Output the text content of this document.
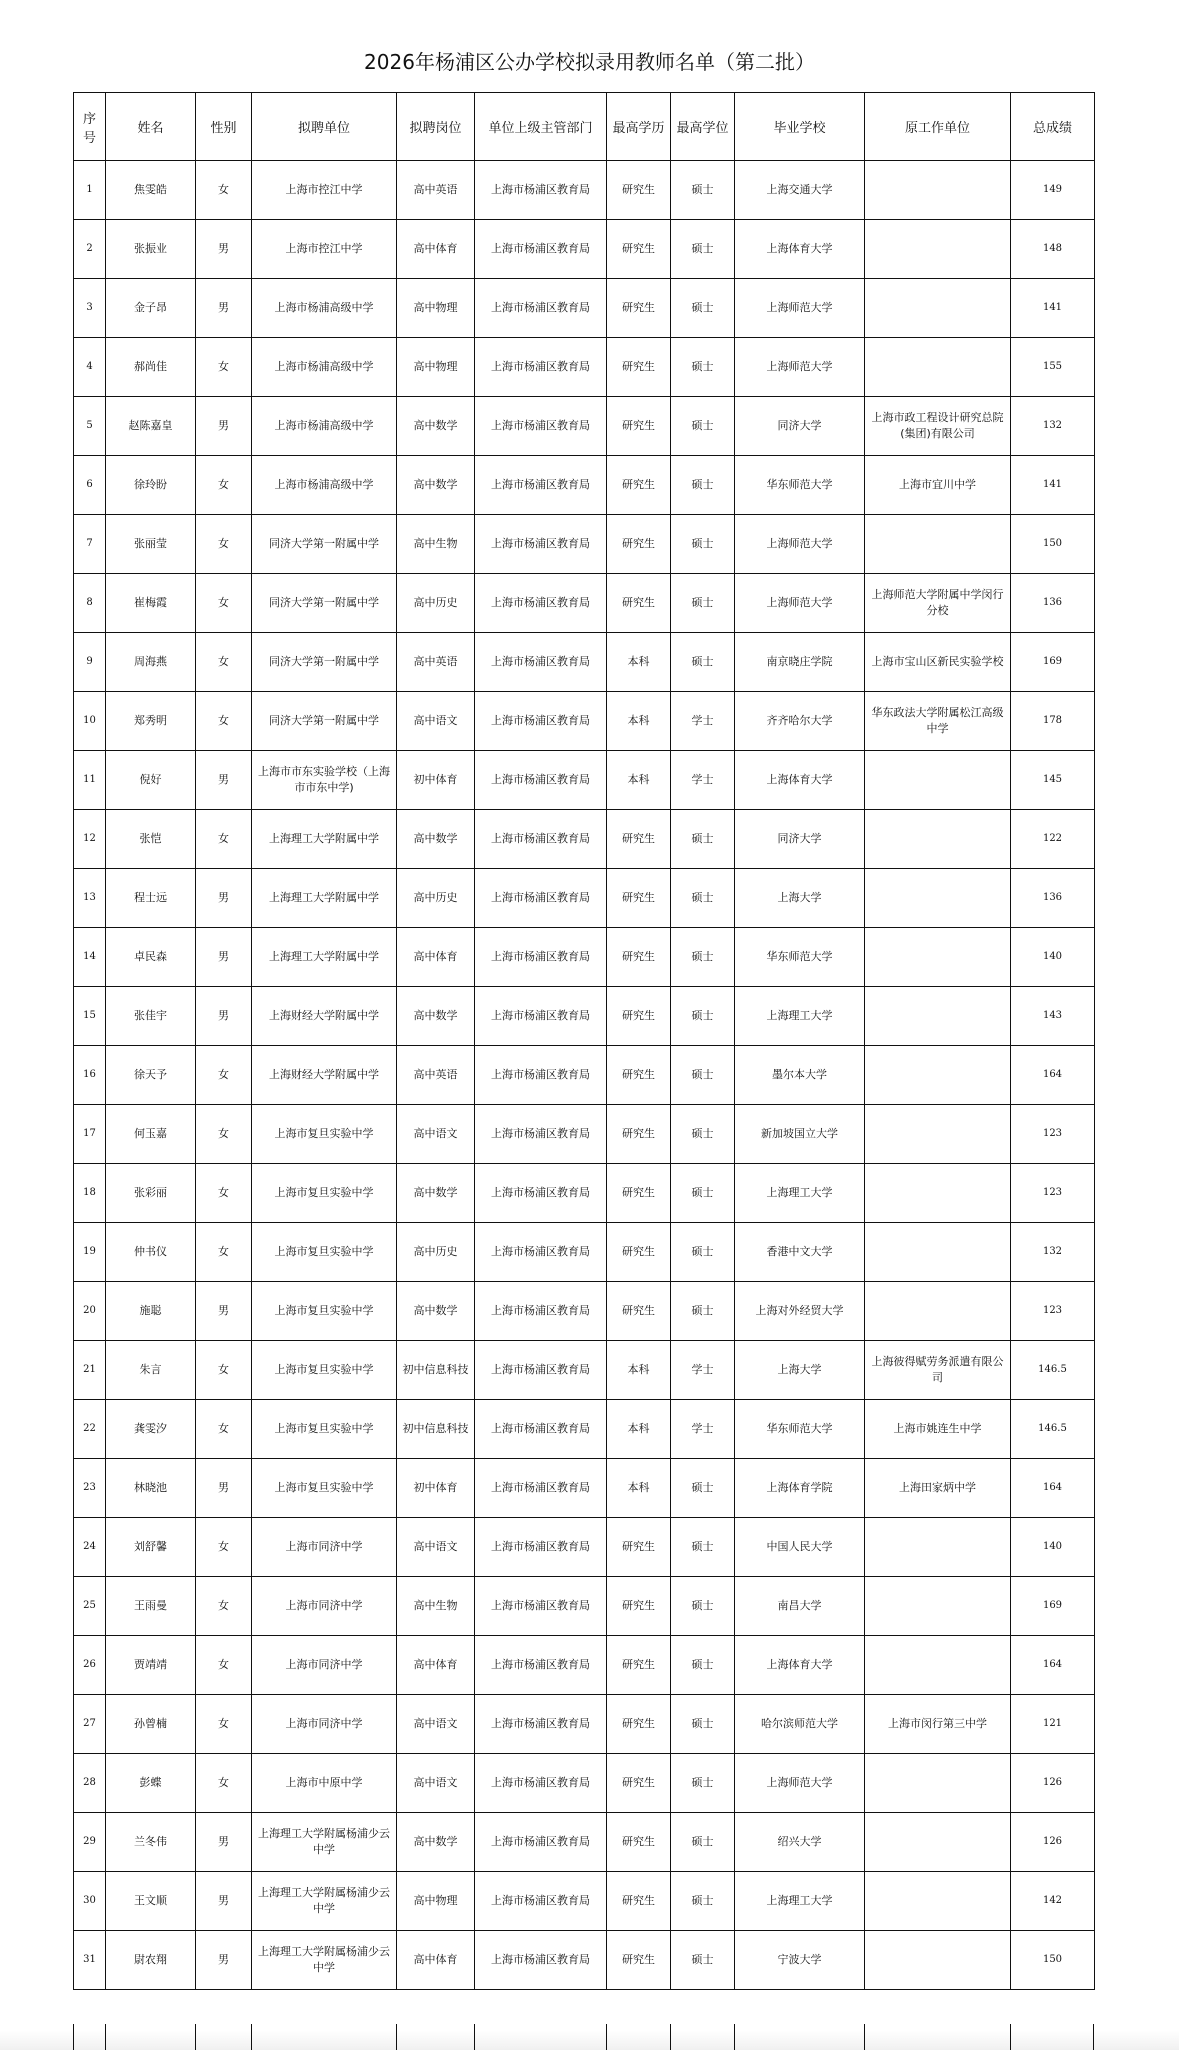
2026年杨浦区公办学校拟录用教师名单（第二批）
序号	姓名	性别	拟聘单位	拟聘岗位	单位上级主管部门	最高学历	最高学位	毕业学校	原工作单位	总成绩
1	焦雯皓	女	上海市控江中学	高中英语	上海市杨浦区教育局	研究生	硕士	上海交通大学		149
2	张振业	男	上海市控江中学	高中体育	上海市杨浦区教育局	研究生	硕士	上海体育大学		148
3	金子昂	男	上海市杨浦高级中学	高中物理	上海市杨浦区教育局	研究生	硕士	上海师范大学		141
4	郝尚佳	女	上海市杨浦高级中学	高中物理	上海市杨浦区教育局	研究生	硕士	上海师范大学		155
5	赵陈嘉皇	男	上海市杨浦高级中学	高中数学	上海市杨浦区教育局	研究生	硕士	同济大学	上海市政工程设计研究总院(集团)有限公司	132
6	徐玲盼	女	上海市杨浦高级中学	高中数学	上海市杨浦区教育局	研究生	硕士	华东师范大学	上海市宜川中学	141
7	张丽莹	女	同济大学第一附属中学	高中生物	上海市杨浦区教育局	研究生	硕士	上海师范大学		150
8	崔梅霞	女	同济大学第一附属中学	高中历史	上海市杨浦区教育局	研究生	硕士	上海师范大学	上海师范大学附属中学闵行分校	136
9	周海燕	女	同济大学第一附属中学	高中英语	上海市杨浦区教育局	本科	硕士	南京晓庄学院	上海市宝山区新民实验学校	169
10	郑秀明	女	同济大学第一附属中学	高中语文	上海市杨浦区教育局	本科	学士	齐齐哈尔大学	华东政法大学附属松江高级中学	178
11	倪好	男	上海市市东实验学校（上海市市东中学)	初中体育	上海市杨浦区教育局	本科	学士	上海体育大学		145
12	张恺	女	上海理工大学附属中学	高中数学	上海市杨浦区教育局	研究生	硕士	同济大学		122
13	程士远	男	上海理工大学附属中学	高中历史	上海市杨浦区教育局	研究生	硕士	上海大学		136
14	卓民森	男	上海理工大学附属中学	高中体育	上海市杨浦区教育局	研究生	硕士	华东师范大学		140
15	张佳宇	男	上海财经大学附属中学	高中数学	上海市杨浦区教育局	研究生	硕士	上海理工大学		143
16	徐天予	女	上海财经大学附属中学	高中英语	上海市杨浦区教育局	研究生	硕士	墨尔本大学		164
17	何玉嘉	女	上海市复旦实验中学	高中语文	上海市杨浦区教育局	研究生	硕士	新加坡国立大学		123
18	张彩丽	女	上海市复旦实验中学	高中数学	上海市杨浦区教育局	研究生	硕士	上海理工大学		123
19	仲书仪	女	上海市复旦实验中学	高中历史	上海市杨浦区教育局	研究生	硕士	香港中文大学		132
20	施聪	男	上海市复旦实验中学	高中数学	上海市杨浦区教育局	研究生	硕士	上海对外经贸大学		123
21	朱言	女	上海市复旦实验中学	初中信息科技	上海市杨浦区教育局	本科	学士	上海大学	上海彼得赋劳务派遣有限公司	146.5
22	龚雯汐	女	上海市复旦实验中学	初中信息科技	上海市杨浦区教育局	本科	学士	华东师范大学	上海市姚连生中学	146.5
23	林晓池	男	上海市复旦实验中学	初中体育	上海市杨浦区教育局	本科	硕士	上海体育学院	上海田家炳中学	164
24	刘舒馨	女	上海市同济中学	高中语文	上海市杨浦区教育局	研究生	硕士	中国人民大学		140
25	王雨曼	女	上海市同济中学	高中生物	上海市杨浦区教育局	研究生	硕士	南昌大学		169
26	贾靖靖	女	上海市同济中学	高中体育	上海市杨浦区教育局	研究生	硕士	上海体育大学		164
27	孙曾楠	女	上海市同济中学	高中语文	上海市杨浦区教育局	研究生	硕士	哈尔滨师范大学	上海市闵行第三中学	121
28	彭蝶	女	上海市中原中学	高中语文	上海市杨浦区教育局	研究生	硕士	上海师范大学		126
29	兰冬伟	男	上海理工大学附属杨浦少云中学	高中数学	上海市杨浦区教育局	研究生	硕士	绍兴大学		126
30	王文顺	男	上海理工大学附属杨浦少云中学	高中物理	上海市杨浦区教育局	研究生	硕士	上海理工大学		142
31	尉农翔	男	上海理工大学附属杨浦少云中学	高中体育	上海市杨浦区教育局	研究生	硕士	宁波大学		150
